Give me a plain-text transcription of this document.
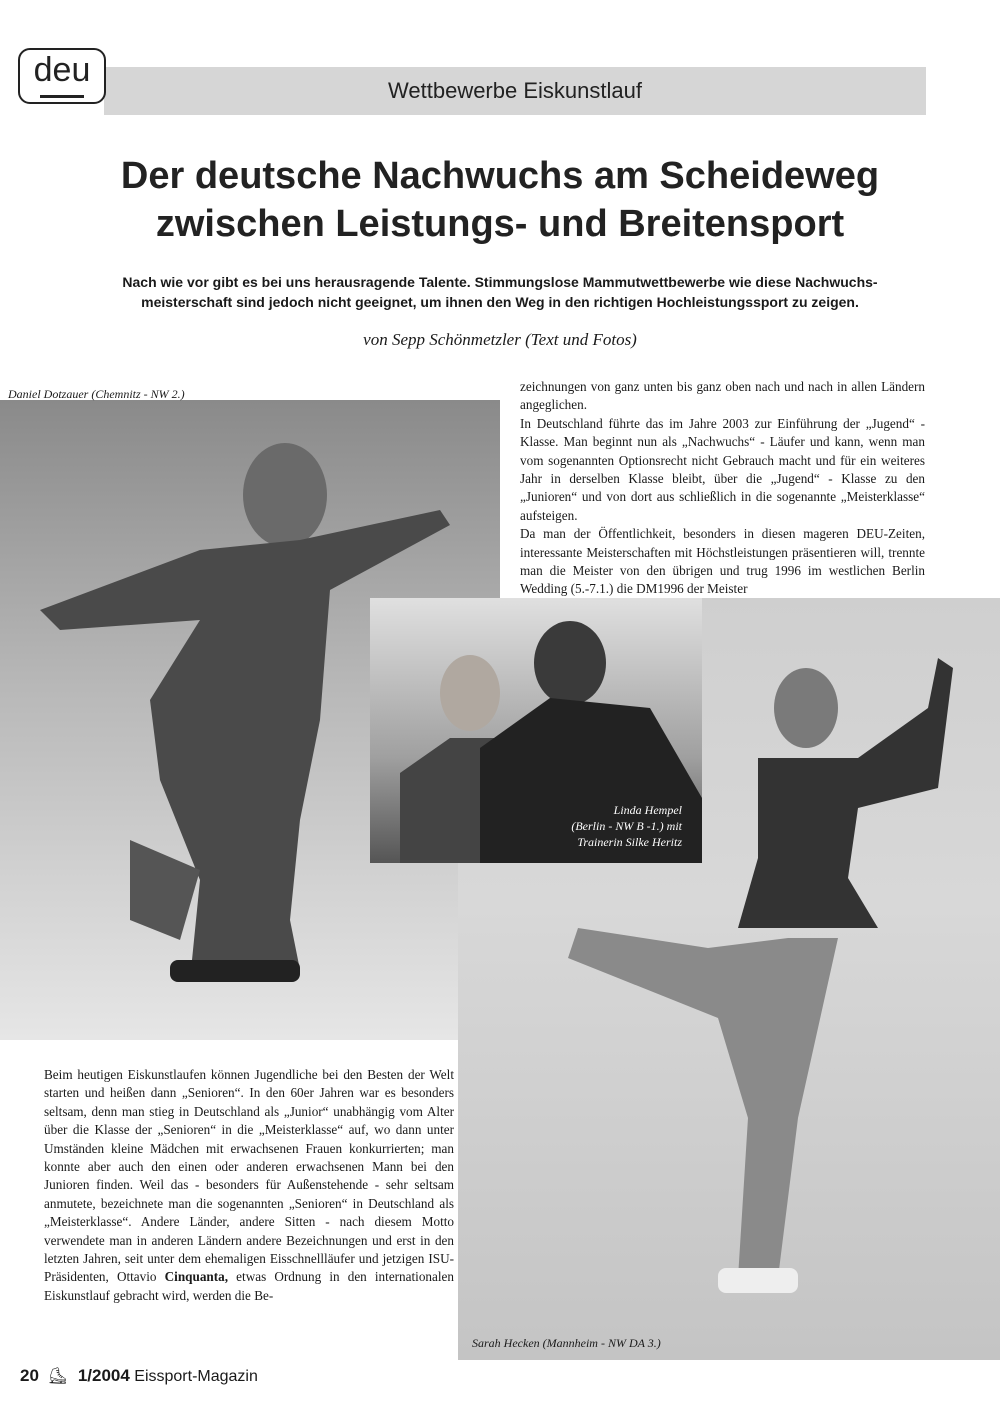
Wettbewerbe Eiskunstlauf
deu
Der deutsche Nachwuchs am Scheideweg
zwischen Leistungs- und Breitensport
Nach wie vor gibt es bei uns herausragende Talente. Stimmungslose Mammutwettbewerbe wie diese Nachwuchs-
meisterschaft sind jedoch nicht geeignet, um ihnen den Weg in den richtigen Hochleistungssport zu zeigen.
von Sepp Schönmetzler (Text und Fotos)
Daniel Dotzauer (Chemnitz - NW 2.)	zeichnungen von ganz unten bis ganz oben nach und nach in allen Ländern angeglichen.

In Deutschland führte das im Jahre 2003 zur Einführung der „Jugend“ - Klasse. Man beginnt nun als „Nachwuchs“ - Läufer und kann, wenn man vom sogenannten Optionsrecht nicht Gebrauch macht und für ein weiteres Jahr in derselben Klasse bleibt, über die „Jugend“ - Klasse zu den „Junioren“ und von dort aus schließlich in die sogenannte „Meisterklasse“ aufsteigen.

Da man der Öffentlichkeit, besonders in diesen mageren DEU-Zeiten, interessante Meisterschaften mit Höchstleistungen präsentieren will, trennte man die Meister von den übrigen und trug 1996 im westlichen Berlin Wedding (5.-7.1.) die DM1996 der Meister

Sarah Hecken (Mannheim - NW DA 3.)
Linda Hempel
(Berlin - NW B -1.) mit
Trainerin Silke Heritz

Beim heutigen Eiskunstlaufen können Jugendliche bei den Besten der Welt starten und heißen dann „Senioren“. In den 60er Jahren war es besonders seltsam, denn man stieg in Deutschland als „Junior“ unabhängig vom Alter über die Klasse der „Senioren“ in die „Meisterklasse“ auf, wo dann unter Umständen kleine Mädchen mit erwachsenen Frauen konkurrierten; man konnte aber auch den einen oder anderen erwachsenen Mann bei den Junioren finden. Weil das - besonders für Außenstehende - sehr seltsam anmutete, bezeichnete man die sogenannten „Senioren“ in Deutschland als „Meisterklasse“. Andere Länder, andere Sitten - nach diesem Motto verwendete man in anderen Ländern andere Bezeichnungen und erst in den letzten Jahren, seit unter dem ehemaligen Eisschnellläufer und jetzigen ISU-Präsidenten, Ottavio Cinquanta, etwas Ordnung in den internationalen Eiskunstlauf gebracht wird, werden die Be-

20 ⛸ 1/2004 Eissport-Magazin
